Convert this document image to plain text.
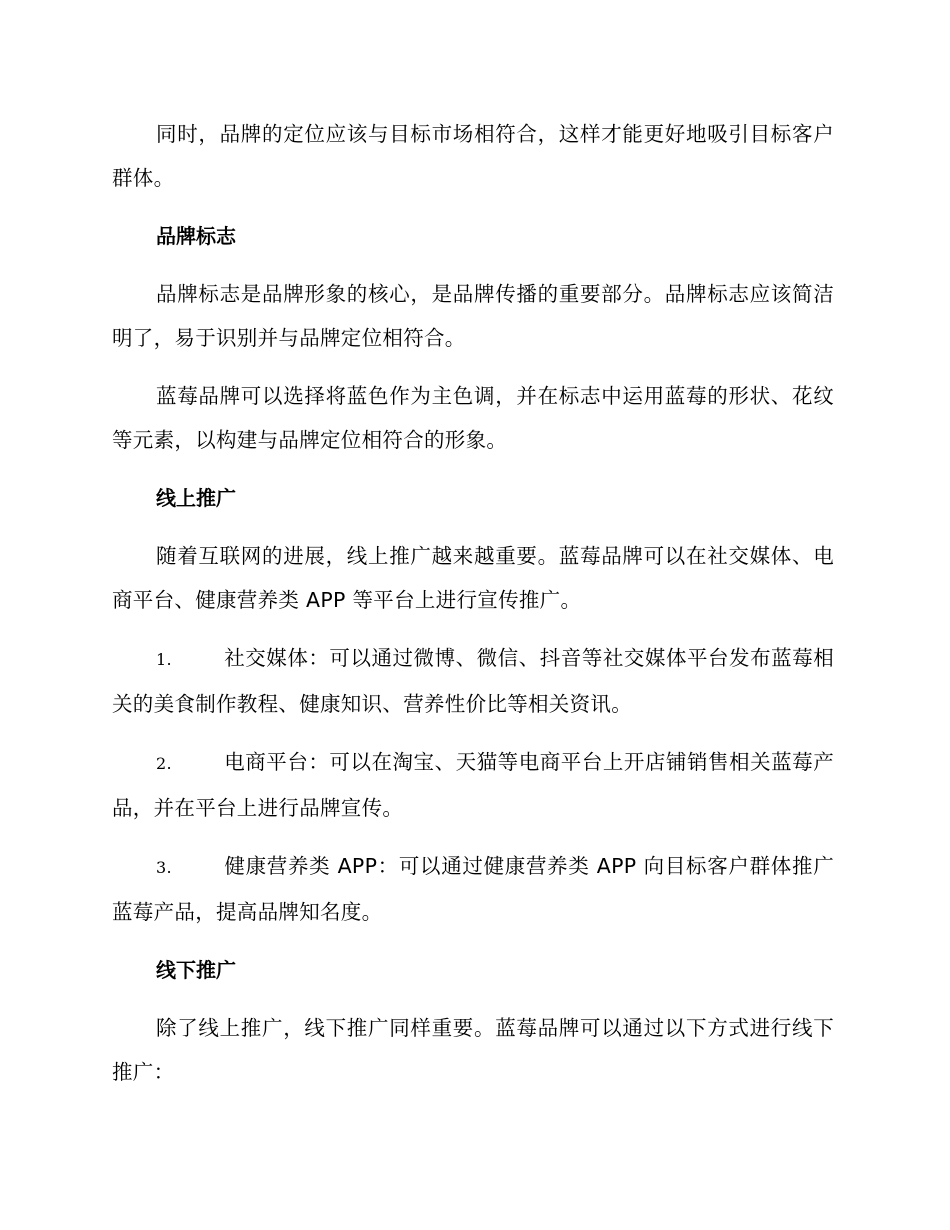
同时，品牌的定位应该与目标市场相符合，这样才能更好地吸引目标客户群体。

品牌标志

品牌标志是品牌形象的核心，是品牌传播的重要部分。品牌标志应该简洁明了，易于识别并与品牌定位相符合。

蓝莓品牌可以选择将蓝色作为主色调，并在标志中运用蓝莓的形状、花纹等元素，以构建与品牌定位相符合的形象。

线上推广

随着互联网的进展，线上推广越来越重要。蓝莓品牌可以在社交媒体、电商平台、健康营养类 APP 等平台上进行宣传推广。

1.	社交媒体：可以通过微博、微信、抖音等社交媒体平台发布蓝莓相关的美食制作教程、健康知识、营养性价比等相关资讯。

2.	电商平台：可以在淘宝、天猫等电商平台上开店铺销售相关蓝莓产品，并在平台上进行品牌宣传。

3.	健康营养类 APP：可以通过健康营养类 APP 向目标客户群体推广蓝莓产品，提高品牌知名度。

线下推广

除了线上推广，线下推广同样重要。蓝莓品牌可以通过以下方式进行线下推广：
